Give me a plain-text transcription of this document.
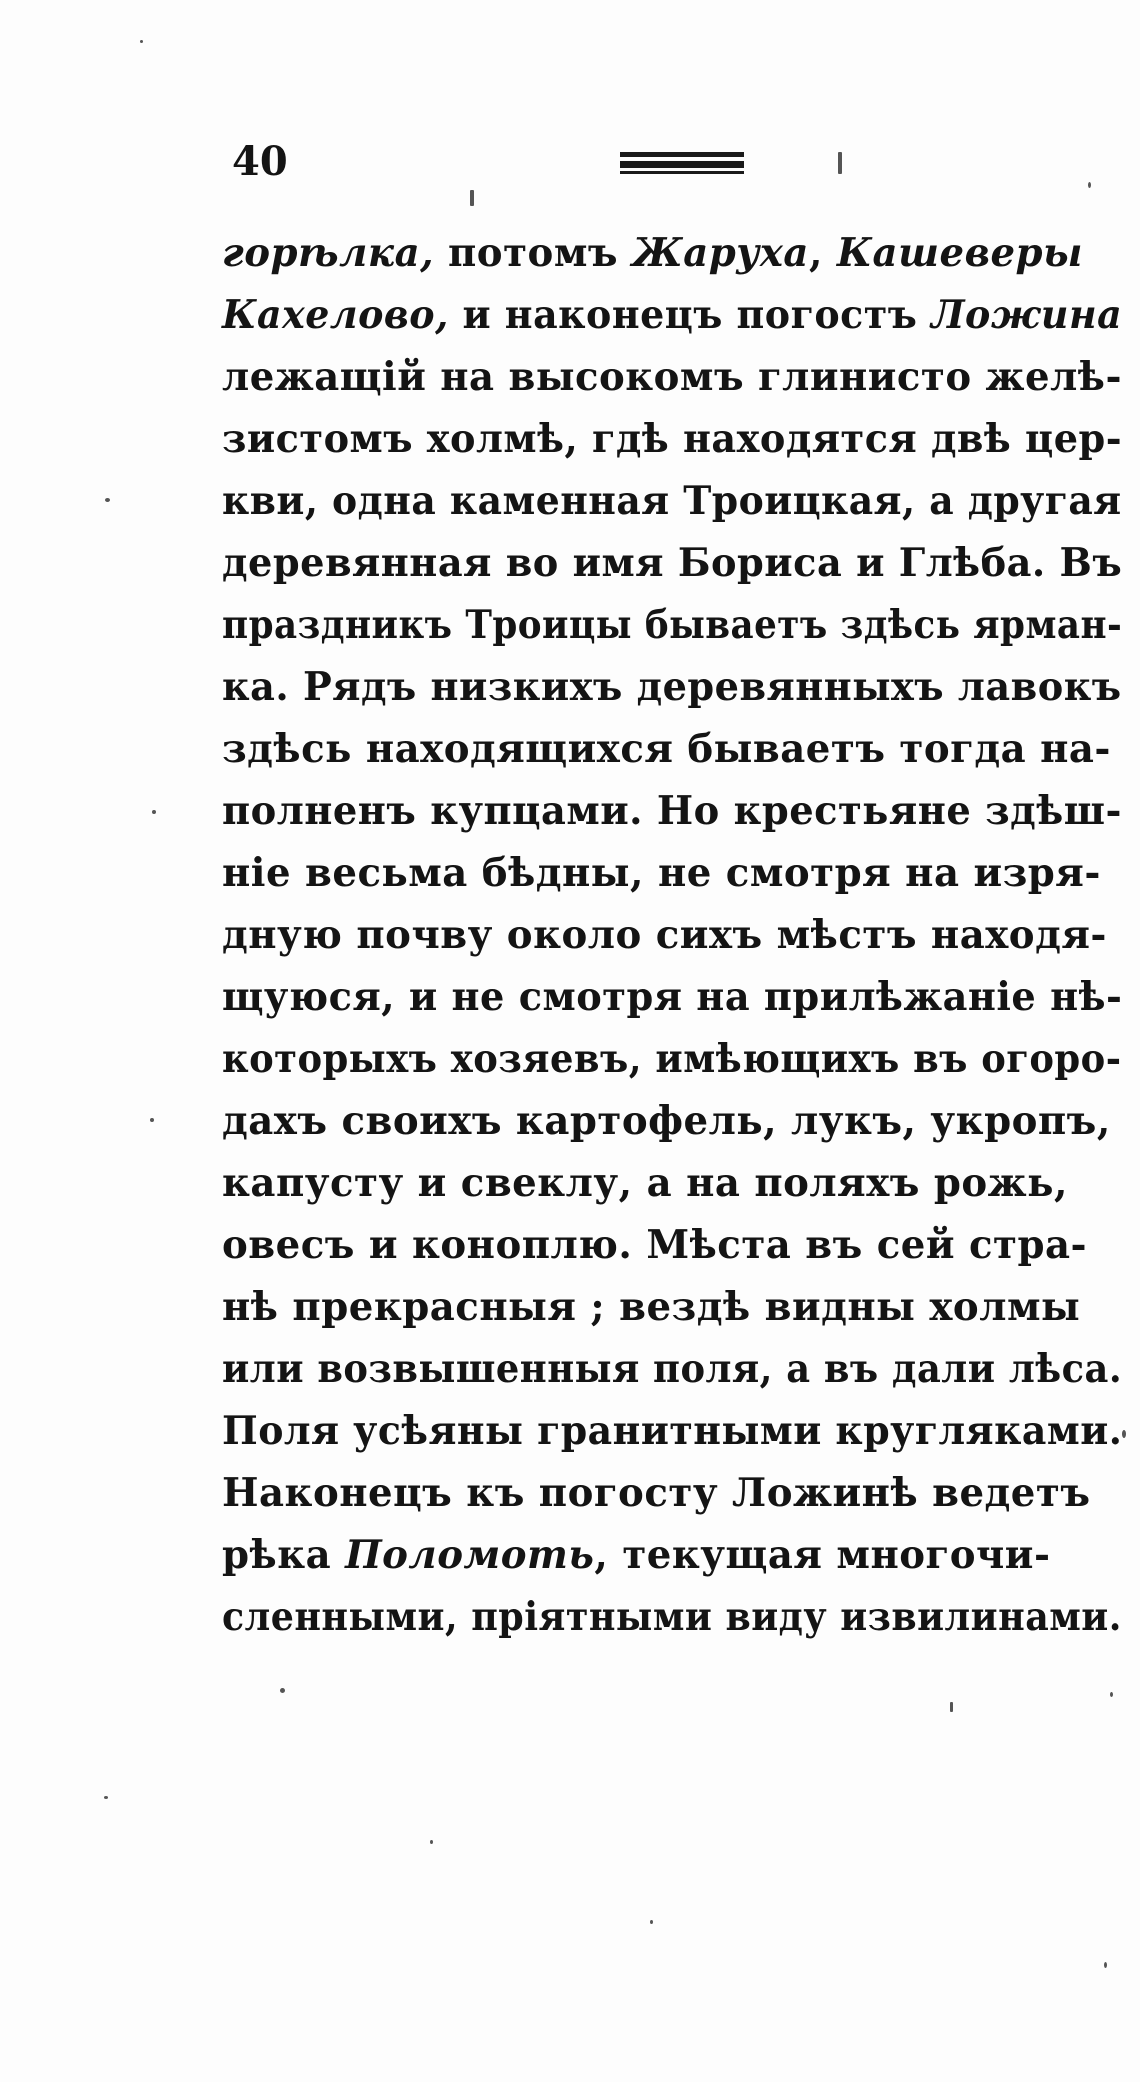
40
горѣлка, потомъ Жаруха, Кашеверы
Кахелово, и наконецъ погостъ Ложина
лежащій на высокомъ глинисто желѣ-
зистомъ холмѣ, гдѣ находятся двѣ цер-
кви, одна каменная Троицкая, а другая
деревянная во имя Бориса и Глѣба. Въ
праздникъ Троицы бываетъ здѣсь ярман-
ка. Рядъ низкихъ деревянныхъ лавокъ
здѣсь находящихся бываетъ тогда на-
полненъ купцами. Но крестьяне здѣш-
ніе весьма бѣдны, не смотря на изря-
дную почву около сихъ мѣстъ находя-
щуюся, и не смотря на прилѣжаніе нѣ-
которыхъ хозяевъ, имѣющихъ въ огоро-
дахъ своихъ картофель, лукъ, укропъ,
капусту и свеклу, а на поляхъ рожь,
овесъ и коноплю. Мѣста въ сей стра-
нѣ прекрасныя ; вездѣ видны холмы
или возвышенныя поля, а въ дали лѣса.
Поля усѣяны гранитными кругляками.
Наконецъ къ погосту Ложинѣ ведетъ
рѣка Поломоть, текущая многочи-
сленными, пріятными виду извилинами.
